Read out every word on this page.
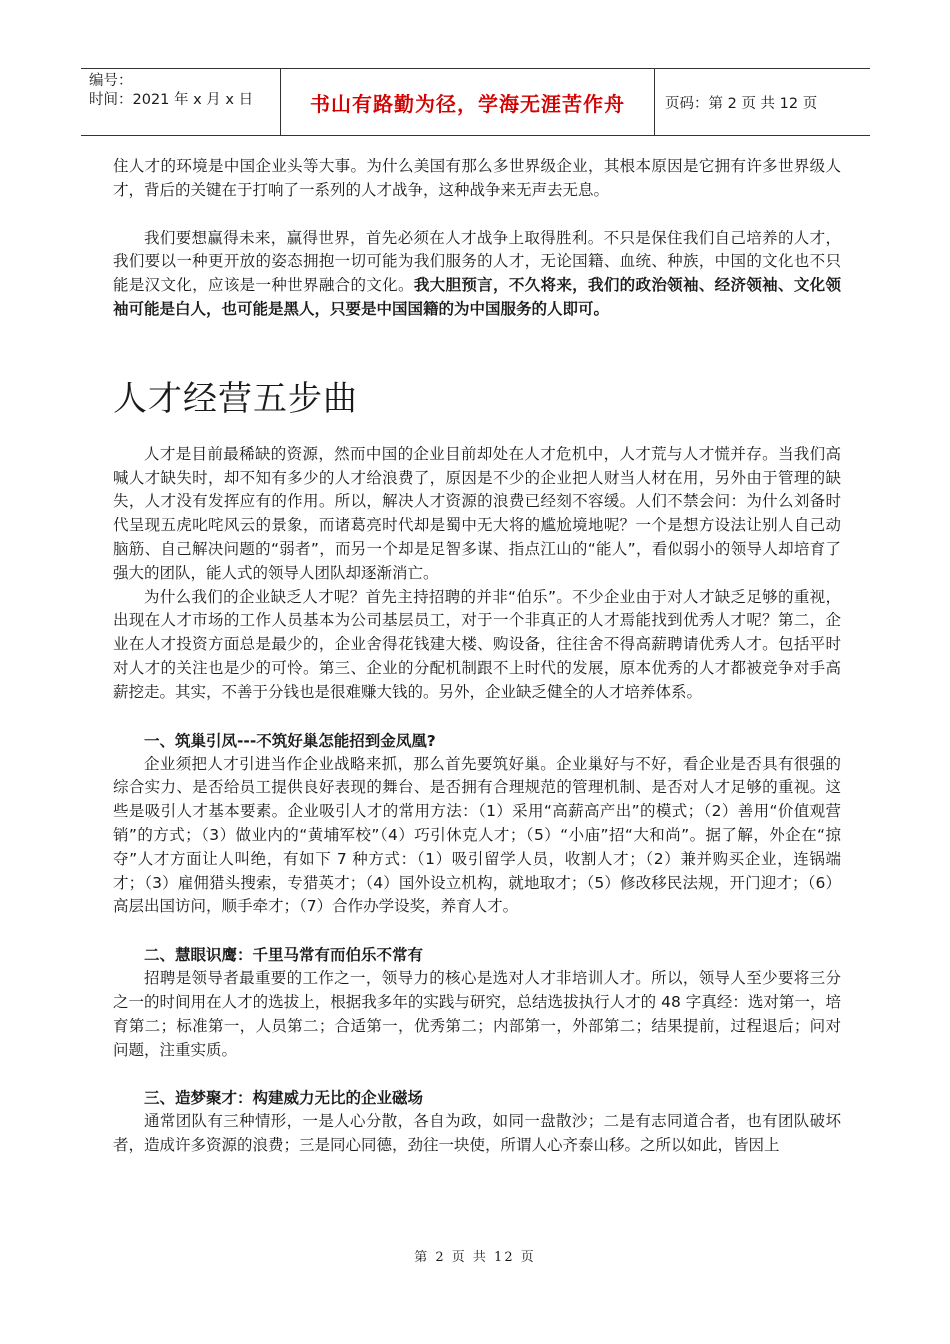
编号：
时间：2021 年 x 月 x 日	书山有路勤为径，学海无涯苦作舟	页码：第 2 页 共 12 页

住人才的环境是中国企业头等大事。为什么美国有那么多世界级企业，其根本原因是它拥有许多世界级人才，背后的关键在于打响了一系列的人才战争，这种战争来无声去无息。

我们要想赢得未来，赢得世界，首先必须在人才战争上取得胜利。不只是保住我们自己培养的人才，我们要以一种更开放的姿态拥抱一切可能为我们服务的人才，无论国籍、血统、种族，中国的文化也不只能是汉文化，应该是一种世界融合的文化。我大胆预言，不久将来，我们的政治领袖、经济领袖、文化领袖可能是白人，也可能是黑人，只要是中国国籍的为中国服务的人即可。

人才经营五步曲

人才是目前最稀缺的资源，然而中国的企业目前却处在人才危机中，人才荒与人才慌并存。当我们高喊人才缺失时，却不知有多少的人才给浪费了，原因是不少的企业把人财当人材在用，另外由于管理的缺失，人才没有发挥应有的作用。所以，解决人才资源的浪费已经刻不容缓。人们不禁会问：为什么刘备时代呈现五虎叱咤风云的景象，而诸葛亮时代却是蜀中无大将的尴尬境地呢？一个是想方设法让别人自己动脑筋、自己解决问题的“弱者”，而另一个却是足智多谋、指点江山的“能人”，看似弱小的领导人却培育了强大的团队，能人式的领导人团队却逐渐消亡。

为什么我们的企业缺乏人才呢？首先主持招聘的并非“伯乐”。不少企业由于对人才缺乏足够的重视，出现在人才市场的工作人员基本为公司基层员工，对于一个非真正的人才焉能找到优秀人才呢？第二，企业在人才投资方面总是最少的，企业舍得花钱建大楼、购设备，往往舍不得高薪聘请优秀人才。包括平时对人才的关注也是少的可怜。第三、企业的分配机制跟不上时代的发展，原本优秀的人才都被竞争对手高薪挖走。其实，不善于分钱也是很难赚大钱的。另外，企业缺乏健全的人才培养体系。

一、筑巢引凤---不筑好巢怎能招到金凤凰?

企业须把人才引进当作企业战略来抓，那么首先要筑好巢。企业巢好与不好，看企业是否具有很强的综合实力、是否给员工提供良好表现的舞台、是否拥有合理规范的管理机制、是否对人才足够的重视。这些是吸引人才基本要素。企业吸引人才的常用方法：（1）采用“高薪高产出”的模式；（2）善用“价值观营销”的方式；（3）做业内的“黄埔军校”（4）巧引休克人才；（5）“小庙”招“大和尚”。据了解，外企在“掠夺”人才方面让人叫绝，有如下 7 种方式：（1）吸引留学人员，收割人才；（2）兼并购买企业，连锅端才；（3）雇佣猎头搜索，专猎英才；（4）国外设立机构，就地取才；（5）修改移民法规，开门迎才；（6）高层出国访问，顺手牵才；（7）合作办学设奖，养育人才。

二、慧眼识鹰：千里马常有而伯乐不常有

招聘是领导者最重要的工作之一，领导力的核心是选对人才非培训人才。所以，领导人至少要将三分之一的时间用在人才的选拔上，根据我多年的实践与研究，总结选拔执行人才的 48 字真经：选对第一，培育第二；标准第一，人员第二；合适第一，优秀第二；内部第一，外部第二；结果提前，过程退后；问对问题，注重实质。

三、造梦聚才：构建威力无比的企业磁场

通常团队有三种情形，一是人心分散，各自为政，如同一盘散沙；二是有志同道合者，也有团队破坏者，造成许多资源的浪费；三是同心同德，劲往一块使，所谓人心齐泰山移。之所以如此，皆因上

第 2 页 共 12 页
